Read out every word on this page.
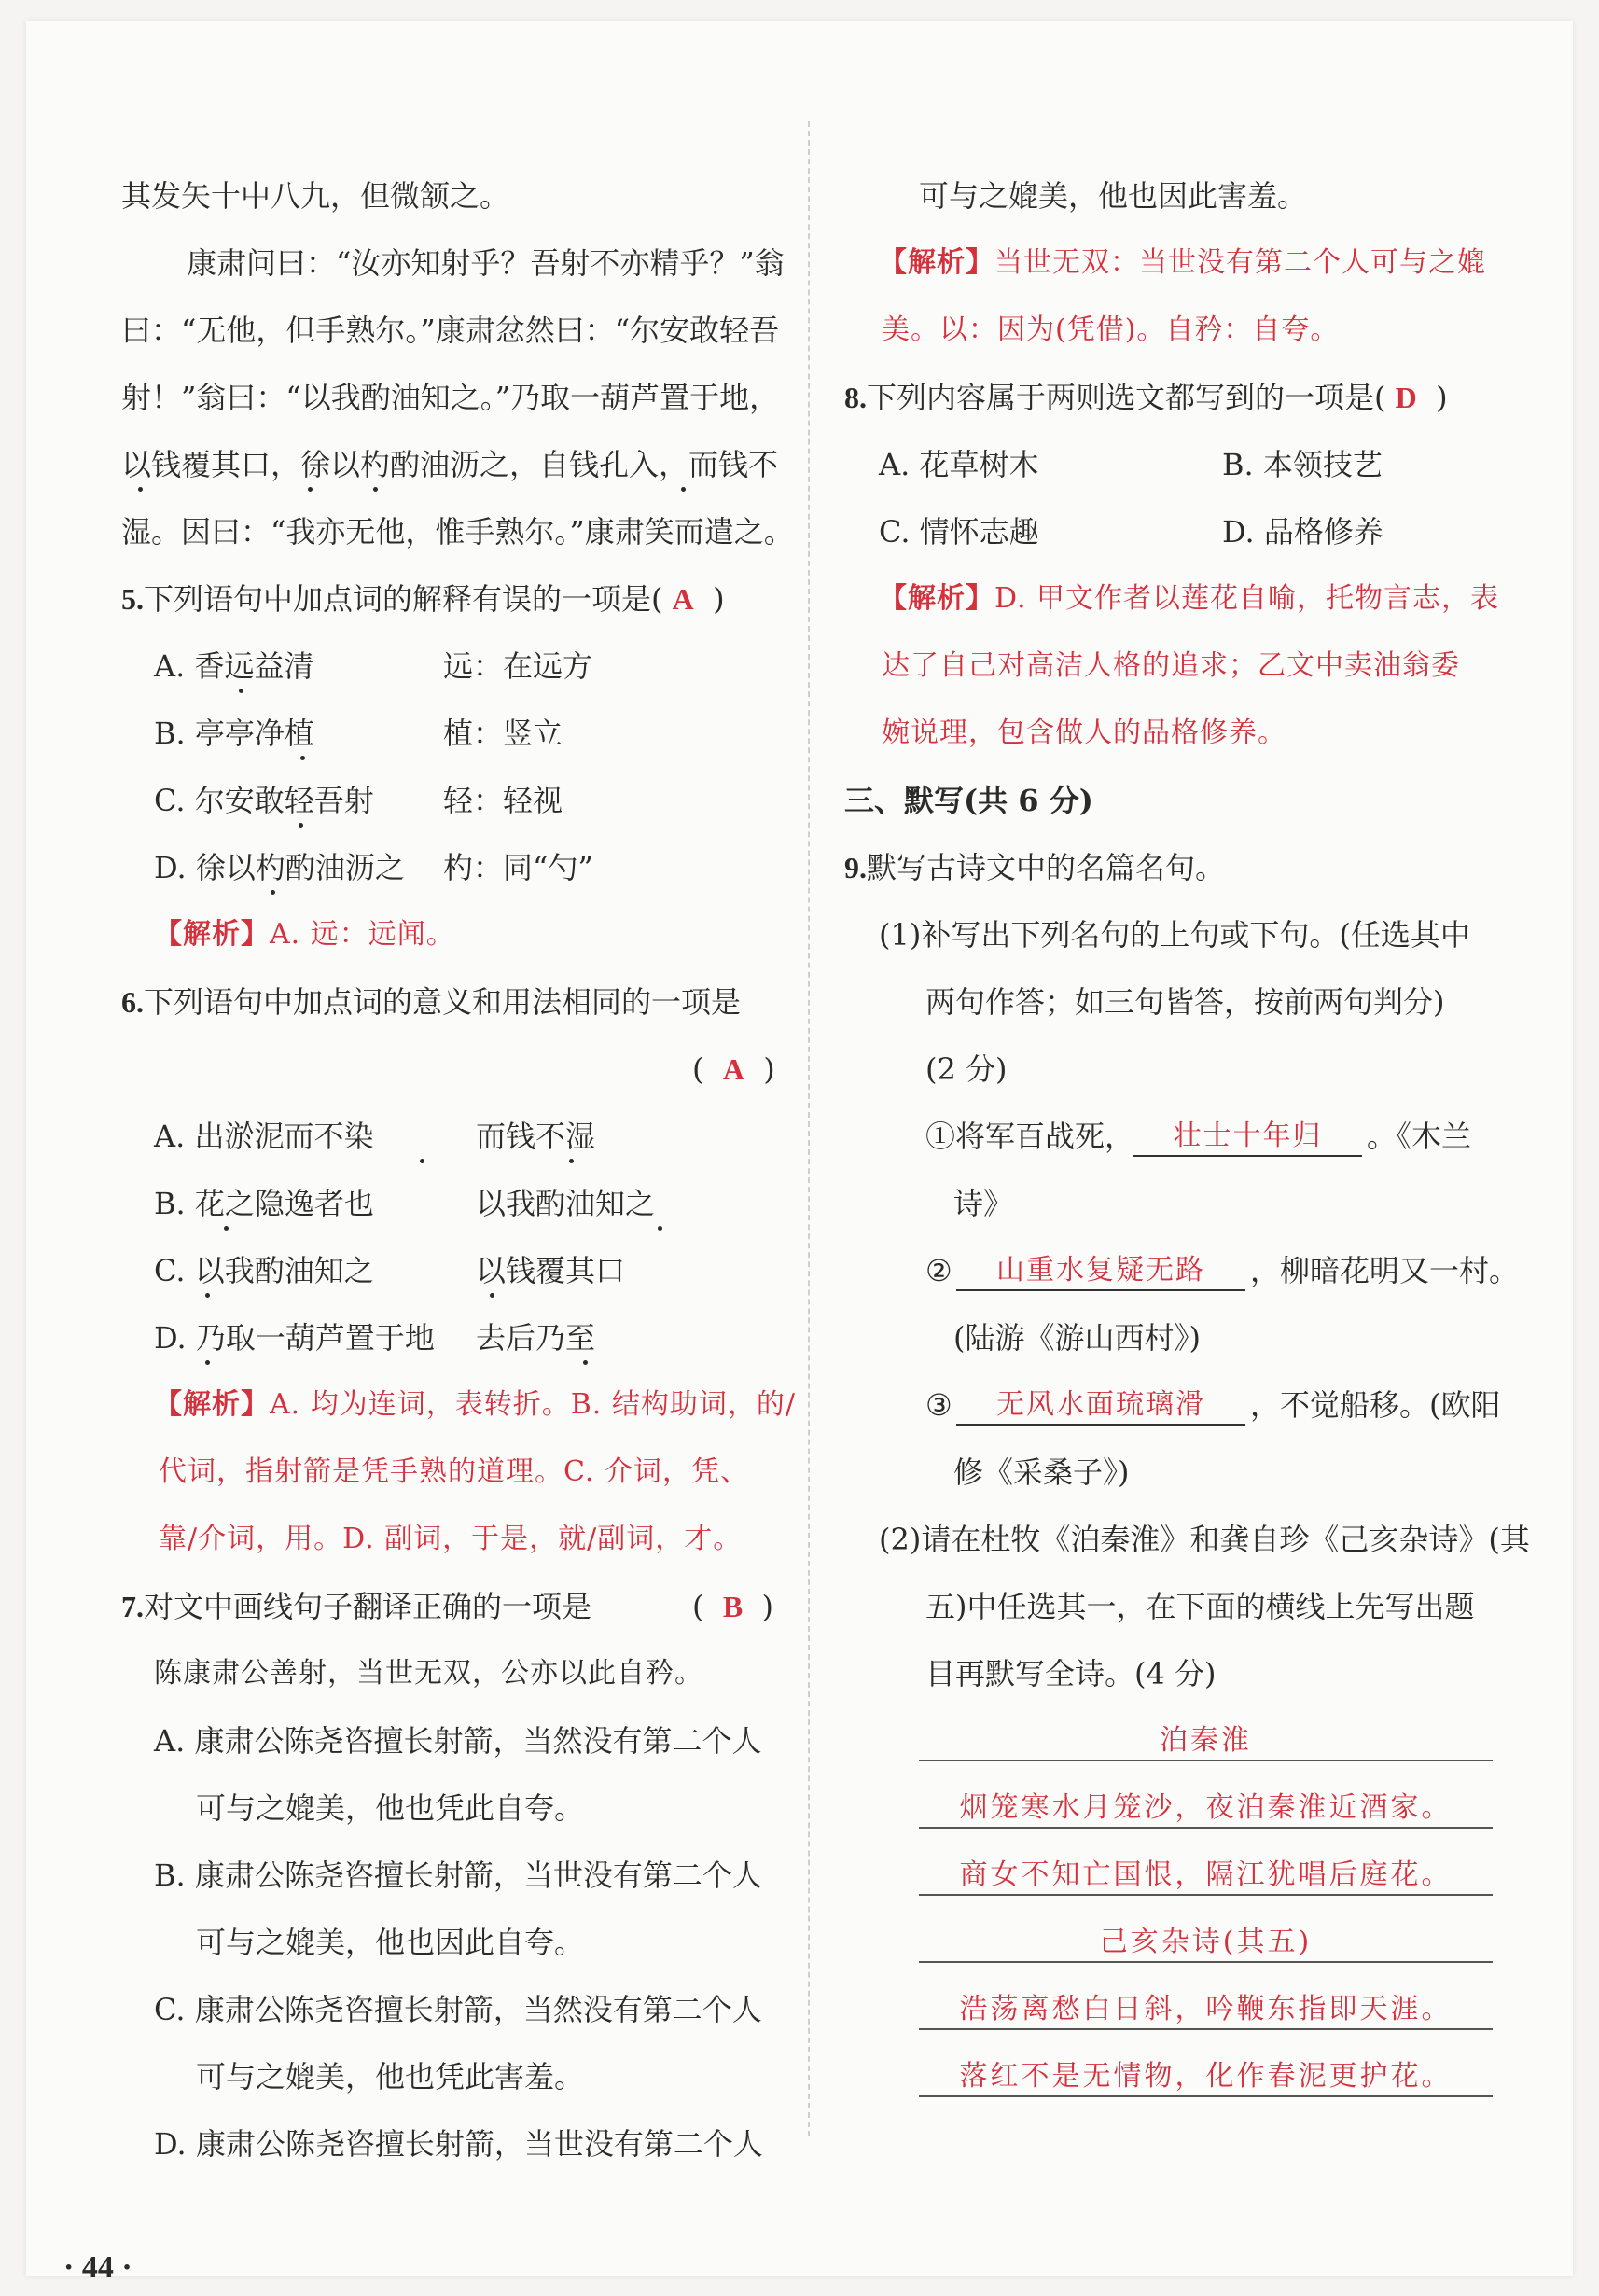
其发矢十中八九，但微颔之。
康肃问曰：“汝亦知射乎？吾射不亦精乎？”翁
曰：“无他，但手熟尔。”康肃忿然曰：“尔安敢轻吾
射！”翁曰：“以我酌油知之。”乃取一葫芦置于地，
以钱覆其口，徐以杓酌油沥之，自钱孔入，而钱不
湿。因曰：“我亦无他，惟手熟尔。”康肃笑而遣之。
5.下列语句中加点词的解释有误的一项是( A )
A. 香远益清	远：在远方
B. 亭亭净植	植：竖立
C. 尔安敢轻吾射 轻：轻视
D. 徐以杓酌油沥之 杓：同“勺”
【解析】A. 远：远闻。
6.下列语句中加点词的意义和用法相同的一项是
( A )
A. 出淤泥而不染	而钱不湿
B. 花之隐逸者也	以我酌油知之
C. 以我酌油知之	以钱覆其口
D. 乃取一葫芦置于地 去后乃至
【解析】A. 均为连词，表转折。B. 结构助词，的/
代词，指射箭是凭手熟的道理。C. 介词，凭、
靠/介词，用。D. 副词，于是，就/副词，才。
7.对文中画线句子翻译正确的一项是	( B )
陈康肃公善射，当世无双，公亦以此自矜。
A. 康肃公陈尧咨擅长射箭，当然没有第二个人
可与之媲美，他也凭此自夸。
B. 康肃公陈尧咨擅长射箭，当世没有第二个人
可与之媲美，他也因此自夸。
C. 康肃公陈尧咨擅长射箭，当然没有第二个人
可与之媲美，他也凭此害羞。
D. 康肃公陈尧咨擅长射箭，当世没有第二个人
可与之媲美，他也因此害羞。
【解析】当世无双：当世没有第二个人可与之媲
美。以：因为(凭借)。自矜：自夸。
8.下列内容属于两则选文都写到的一项是( D )
A. 花草树木	B. 本领技艺
C. 情怀志趣	D. 品格修养
【解析】D. 甲文作者以莲花自喻，托物言志，表
达了自己对高洁人格的追求；乙文中卖油翁委
婉说理，包含做人的品格修养。
三、默写(共 6 分)
9.默写古诗文中的名篇名句。
(1)补写出下列名句的上句或下句。(任选其中
两句作答；如三句皆答，按前两句判分)
(2 分)
①将军百战死，	壮士十年归	。《木兰
诗》
②	山重水复疑无路	，柳暗花明又一村。
(陆游《游山西村》)
③	无风水面琉璃滑	，不觉船移。(欧阳
修《采桑子》)
(2)请在杜牧《泊秦淮》和龚自珍《己亥杂诗》(其
五)中任选其一，在下面的横线上先写出题
目再默写全诗。(4 分)
泊秦淮
烟笼寒水月笼沙，夜泊秦淮近酒家。
商女不知亡国恨，隔江犹唱后庭花。
己亥杂诗(其五)
浩荡离愁白日斜，吟鞭东指即天涯。
落红不是无情物，化作春泥更护花。
· 44 ·
